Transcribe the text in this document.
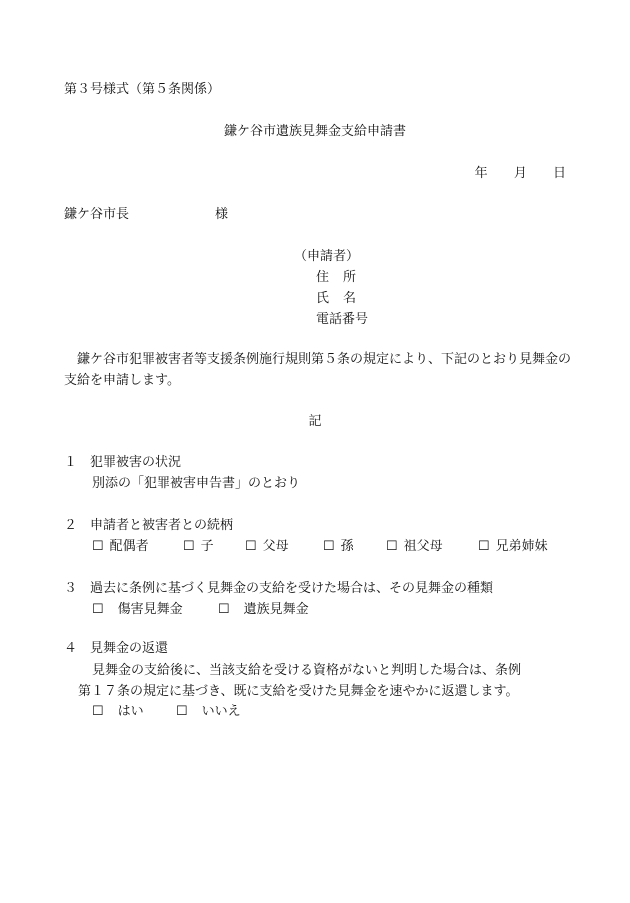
第３号様式（第５条関係）
鎌ケ谷市遺族見舞金支給申請書
年 月 日
鎌ケ谷市長	様
（申請者）
住 所
氏 名
電話番号
鎌ケ谷市犯罪被害者等支援条例施行規則第５条の規定により、下記のとおり見舞金の支給を申請します。
記
１ 犯罪被害の状況
別添の「犯罪被害申告書」のとおり
２ 申請者と被害者との続柄
☐ 配偶者	☐ 子 ☐ 父母	☐ 孫 ☐ 祖父母	☐ 兄弟姉妹
３ 過去に条例に基づく見舞金の支給を受けた場合は、その見舞金の種類
☐ 傷害見舞金	☐ 遺族見舞金
４ 見舞金の返還
見舞金の支給後に、当該支給を受ける資格がないと判明した場合は、条例
第１７条の規定に基づき、既に支給を受けた見舞金を速やかに返還します。
☐ はい ☐ いいえ
